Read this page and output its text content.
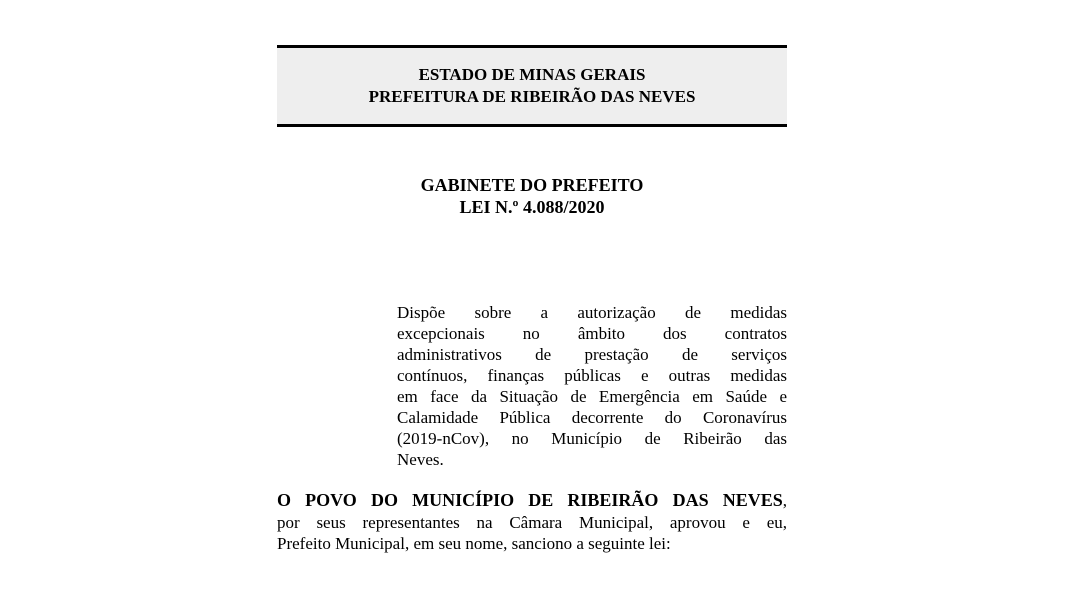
ESTADO DE MINAS GERAIS
PREFEITURA DE RIBEIRÃO DAS NEVES
GABINETE DO PREFEITO
LEI N.º 4.088/2020
Dispõe sobre a autorização de medidas
excepcionais no âmbito dos contratos
administrativos de prestação de serviços
contínuos, finanças públicas e outras medidas
em face da Situação de Emergência em Saúde e
Calamidade Pública decorrente do Coronavírus
(2019-nCov), no Município de Ribeirão das
Neves.
O POVO DO MUNICÍPIO DE RIBEIRÃO DAS NEVES,
por seus representantes na Câmara Municipal, aprovou e eu,
Prefeito Municipal, em seu nome, sanciono a seguinte lei:
